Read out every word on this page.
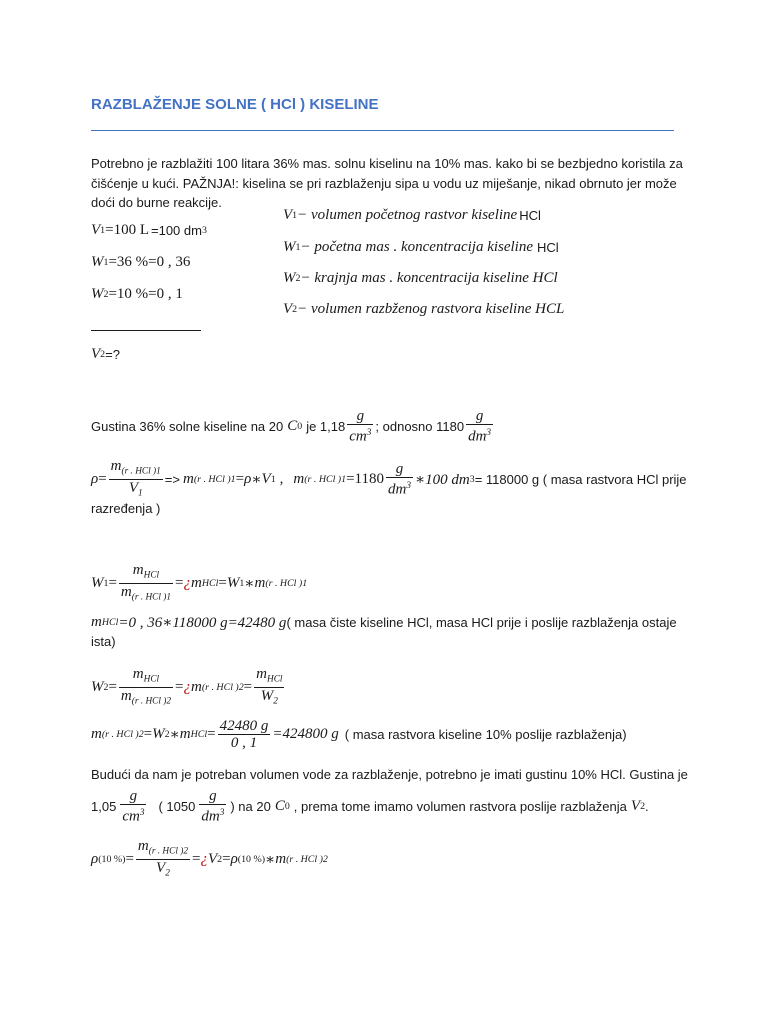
RAZBLAŽENJE SOLNE ( HCl ) KISELINE
Potrebno je razblažiti 100 litara 36% mas. solnu kiselinu na 10% mas. kako bi se bezbjedno koristila za
čišćenje u kući. PAŽNJA!: kiselina se pri razblaženju sipa u vodu uz miješanje, nikad obrnuto jer može
doći do burne reakcije.
V 1 =100 L =100 dm 3
W 1 =36 %=0 , 36
W 2 =10 %=0 , 1
V 2 =?
V 1 − volumen početnog rastvor kiseline HCl
W 1 − početna mas . koncentracija kiseline HCl
W 2 − krajnja mas . koncentracija kiseline HCl
V 2 − volumen razbženog rastvora kiseline HCL
Gustina 36% solne kiseline na 20 C 0 je $1,18 \frac{g}{cm^3}$ ; odnosno $1180 \frac{g}{dm^3}$
$\rho = \frac{m_{(r . HCl )1}}{V_1} => m$ (r . HCl )1 = ρ ∗ V 1 , m (r . HCl )$1 =1180 \frac{g}{dm^3}$ ∗100 dm 3 = 118000 g ( masa rastvora HCl prije
razređenja )
W $1 = \frac{m_{HCl}}{m_{(r . HCl )1}}$ = ¿ m HCl = W 1 ∗ m (r . HCl )1
m HCl =0 , 36∗118000 g=42480 g ( masa čiste kiseline HCl, masa HCl prije i poslije razblaženja ostaje
ista)
W $2 = \frac{m_{HCl}}{m_{(r . HCl )2}}$ = ¿ m (r . HCl )$2 = \frac{m_{HCl}}{W_2}$
m (r . HCl )2 = W 2 ∗ m HCl = $\frac{42480 g}{0 , 1} =424800$ g ( masa rastvora kiseline 10% poslije razblaženja)
Budući da nam je potreban volumen vode za razblaženje, potrebno je imati gustinu 10% HCl. Gustina je
$1,05 \frac{g}{cm^3}$ ( $1050 \frac{g}{dm^3}$ ) na 20 C 0 , prema tome imamo volumen rastvora poslije razblaženja V 2 .
ρ (10 %) = $\frac{m_{(r . HCl )2}}{V_2}$ = ¿ V 2 = ρ (10 %) ∗ m (r . HCl )2
